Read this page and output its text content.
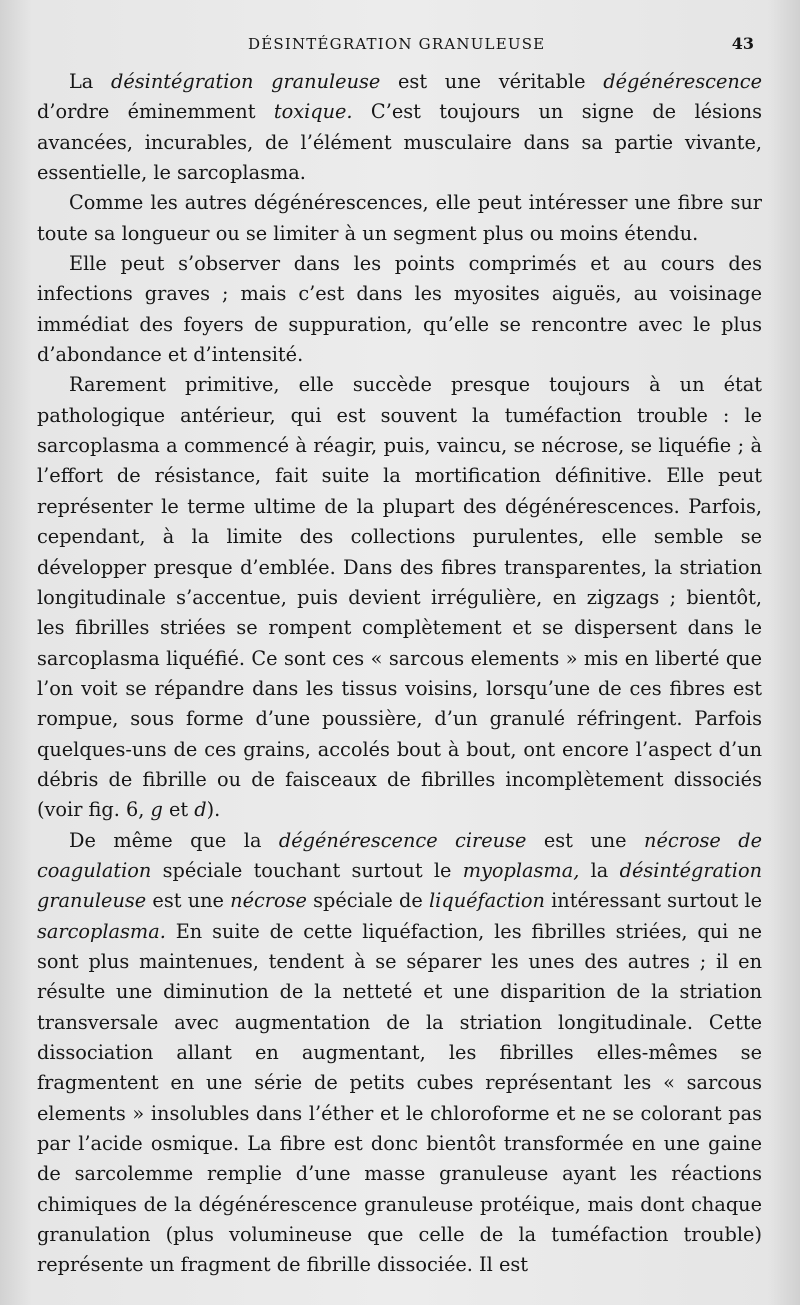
DÉSINTÉGRATION GRANULEUSE	43

La désintégration granuleuse est une véritable dégénérescence d’ordre éminemment toxique. C’est toujours un signe de lésions avancées, incurables, de l’élément musculaire dans sa partie vivante, essentielle, le sarcoplasma.

Comme les autres dégénérescences, elle peut intéresser une fibre sur toute sa longueur ou se limiter à un segment plus ou moins étendu.

Elle peut s’observer dans les points comprimés et au cours des infections graves ; mais c’est dans les myosites aiguës, au voisinage immédiat des foyers de suppuration, qu’elle se rencontre avec le plus d’abondance et d’intensité.

Rarement primitive, elle succède presque toujours à un état pathologique antérieur, qui est souvent la tuméfaction trouble : le sarcoplasma a commencé à réagir, puis, vaincu, se nécrose, se liquéfie ; à l’effort de résistance, fait suite la mortification définitive. Elle peut représenter le terme ultime de la plupart des dégénérescences. Parfois, cependant, à la limite des collections purulentes, elle semble se développer presque d’emblée. Dans des fibres transparentes, la striation longitudinale s’accentue, puis devient irrégulière, en zigzags ; bientôt, les fibrilles striées se rompent complètement et se dispersent dans le sarcoplasma liquéfié. Ce sont ces « sarcous elements » mis en liberté que l’on voit se répandre dans les tissus voisins, lorsqu’une de ces fibres est rompue, sous forme d’une poussière, d’un granulé réfringent. Parfois quelques-uns de ces grains, accolés bout à bout, ont encore l’aspect d’un débris de fibrille ou de faisceaux de fibrilles incomplètement dissociés (voir fig. 6, g et d).

De même que la dégénérescence cireuse est une nécrose de coagulation spéciale touchant surtout le myoplasma, la désintégration granuleuse est une nécrose spéciale de liquéfaction intéressant surtout le sarcoplasma. En suite de cette liquéfaction, les fibrilles striées, qui ne sont plus maintenues, tendent à se séparer les unes des autres ; il en résulte une diminution de la netteté et une disparition de la striation transversale avec augmentation de la striation longitudinale. Cette dissociation allant en augmentant, les fibrilles elles-mêmes se fragmentent en une série de petits cubes représentant les « sarcous elements » insolubles dans l’éther et le chloroforme et ne se colorant pas par l’acide osmique. La fibre est donc bientôt transformée en une gaine de sarcolemme remplie d’une masse granuleuse ayant les réactions chimiques de la dégénérescence granuleuse protéique, mais dont chaque granulation (plus volumineuse que celle de la tuméfaction trouble) représente un fragment de fibrille dissociée. Il est
